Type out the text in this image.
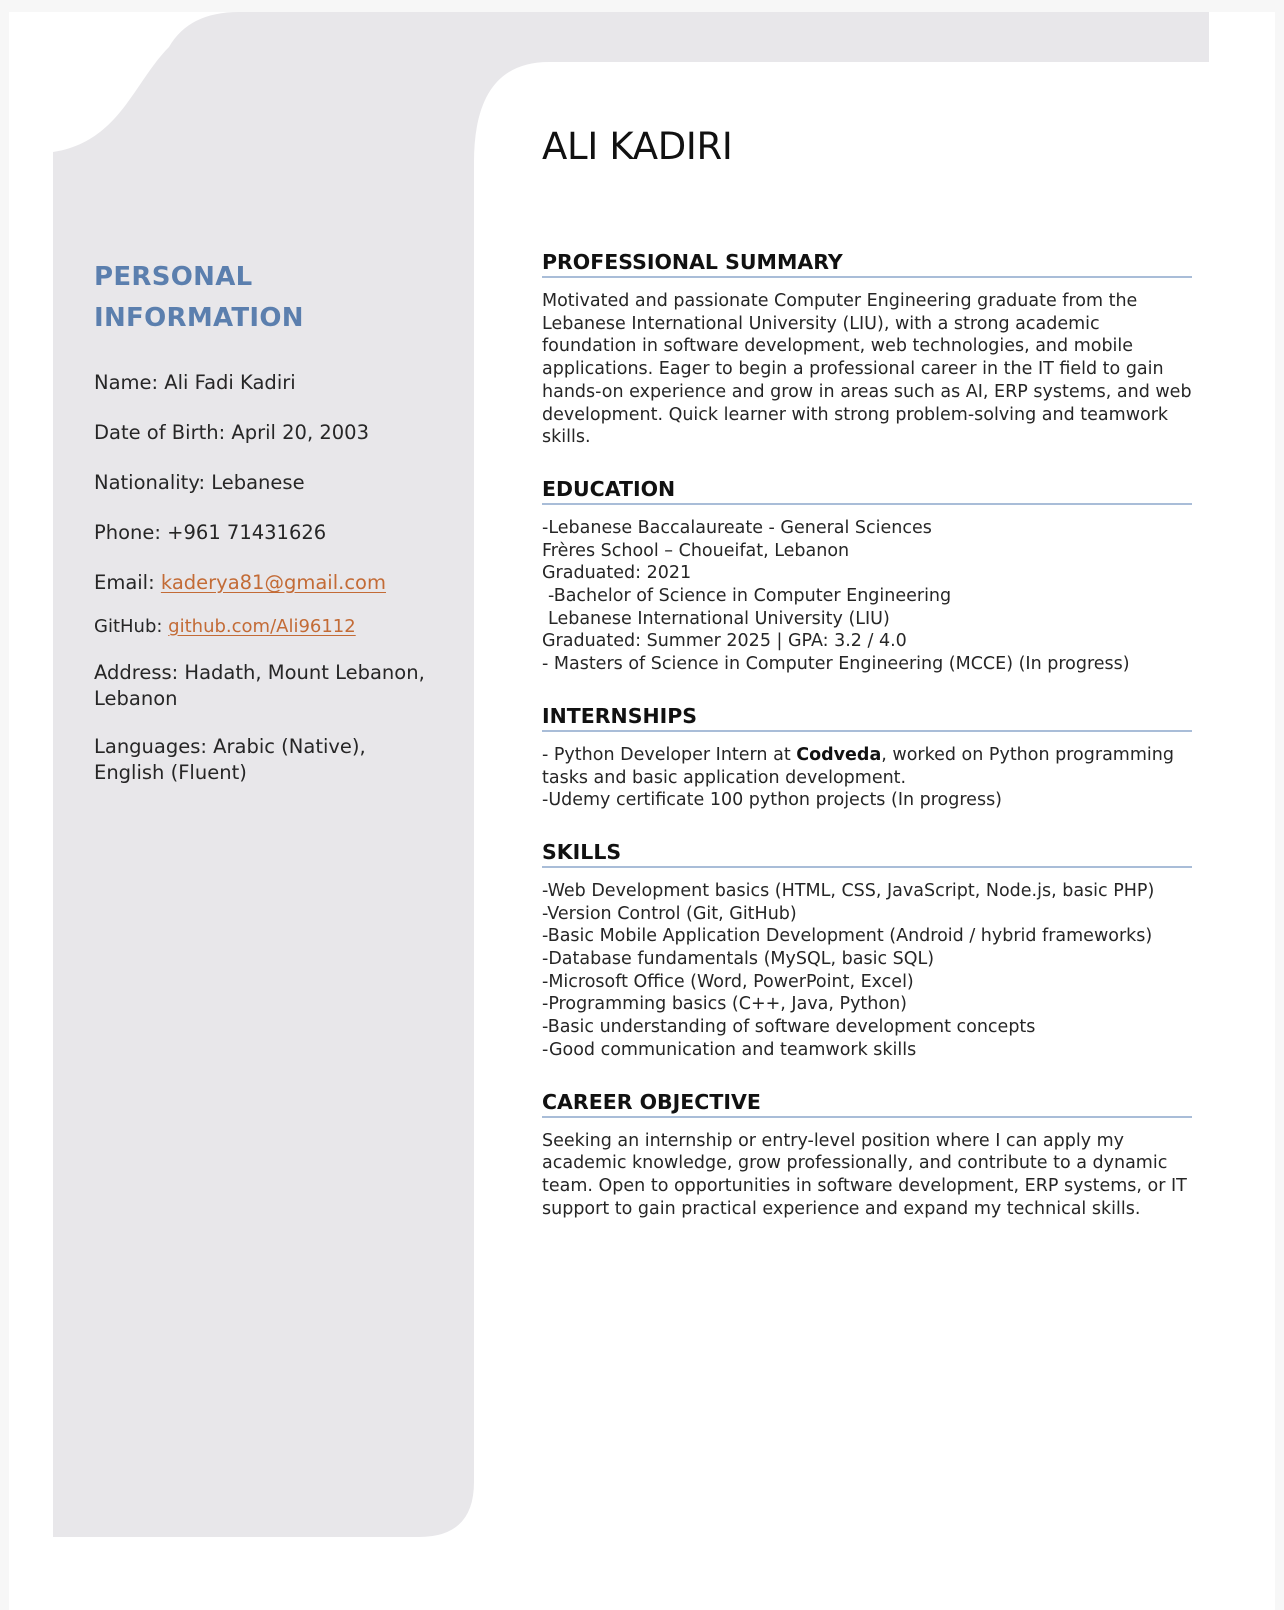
PERSONAL INFORMATION

Name: Ali Fadi Kadiri

Date of Birth: April 20, 2003

Nationality: Lebanese

Phone: +961 71431626

Email: kaderya81@gmail.com

GitHub: github.com/Ali96112

Address: Hadath, Mount Lebanon, Lebanon

Languages: Arabic (Native), English (Fluent)

ALI KADIRI
PROFESSIONAL SUMMARY

Motivated and passionate Computer Engineering graduate from the Lebanese International University (LIU), with a strong academic foundation in software development, web technologies, and mobile applications. Eager to begin a professional career in the IT field to gain hands-on experience and grow in areas such as AI, ERP systems, and web development. Quick learner with strong problem-solving and teamwork skills.

EDUCATION

-Lebanese Baccalaureate - General Sciences

Frères School – Choueifat, Lebanon

Graduated: 2021

-Bachelor of Science in Computer Engineering

Lebanese International University (LIU)

Graduated: Summer 2025 | GPA: 3.2 / 4.0

- Masters of Science in Computer Engineering (MCCE) (In progress)

INTERNSHIPS

- Python Developer Intern at Codveda, worked on Python programming tasks and basic application development.

-Udemy certificate 100 python projects (In progress)

SKILLS

-Web Development basics (HTML, CSS, JavaScript, Node.js, basic PHP)

-Version Control (Git, GitHub)

-Basic Mobile Application Development (Android / hybrid frameworks)

-Database fundamentals (MySQL, basic SQL)

-Microsoft Office (Word, PowerPoint, Excel)

-Programming basics (C++, Java, Python)

-Basic understanding of software development concepts

-Good communication and teamwork skills

CAREER OBJECTIVE

Seeking an internship or entry-level position where I can apply my academic knowledge, grow professionally, and contribute to a dynamic team. Open to opportunities in software development, ERP systems, or IT support to gain practical experience and expand my technical skills.
